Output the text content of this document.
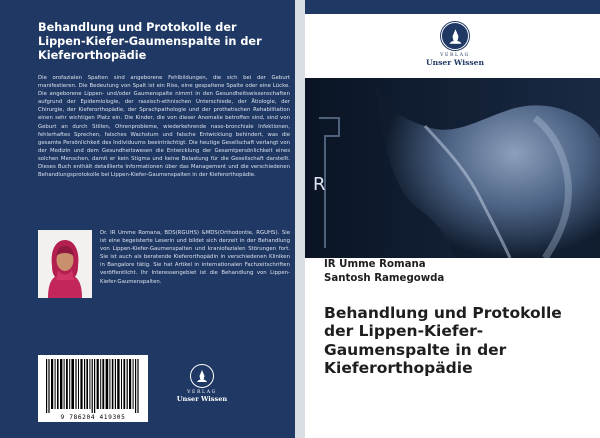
Behandlung und Protokolle der Lippen-Kiefer-Gaumenspalte in der Kieferorthopädie
Die orofazialen Spalten sind angeborene Fehlbildungen, die sich bei der Geburt manifestieren. Die Bedeutung von Spalt ist ein Riss, eine gespaltene Spalte oder eine Lücke. Die angeborene Lippen- und/oder Gaumenspalte nimmt in den Gesundheitswissenschaften aufgrund der Epidemiologie, der rassisch-ethnischen Unterschiede, der Ätiologie, der Chirurgie, der Kieferorthopädie, der Sprachpathologie und der prothetischen Rehabilitation einen sehr wichtigen Platz ein. Die Kinder, die von dieser Anomalie betroffen sind, sind von Geburt an durch Stillen, Ohrenprobleme, wiederkehrende naso-bronchiale Infektionen, fehlerhaftes Sprechen, falsches Wachstum und falsche Entwicklung behindert, was die gesamte Persönlichkeit des Individuums beeinträchtigt. Die heutige Gesellschaft verlangt von der Medizin und dem Gesundheitswesen die Entwicklung der Gesamtpersönlichkeit eines solchen Menschen, damit er kein Stigma und keine Belastung für die Gesellschaft darstellt. Dieses Buch enthält detaillierte Informationen über das Management und die verschiedenen Behandlungsprotokolle bei Lippen-Kiefer-Gaumenspalten in der Kieferorthopädie.
Dr. IR Umme Romana, BDS(RGUHS) &MDS(Orthodontie, RGUHS). Sie ist eine begeisterte Leserin und bildet sich derzeit in der Behandlung von Lippen-Kiefer-Gaumenspalten und kraniofazialen Störungen fort. Sie ist auch als beratende Kieferorthopädin in verschiedenen Kliniken in Bangalore tätig. Sie hat Artikel in internationalen Fachzeitschriften veröffentlicht. Ihr Interessengebiet ist die Behandlung von Lippen-Kiefer-Gaumenspalten.
9 786204 419305
VERLAG
Unser Wissen
VERLAG
Unser Wissen
R
IR Umme Romana
Santosh Ramegowda
Behandlung und Protokolle der Lippen-Kiefer-Gaumenspalte in der Kieferorthopädie
